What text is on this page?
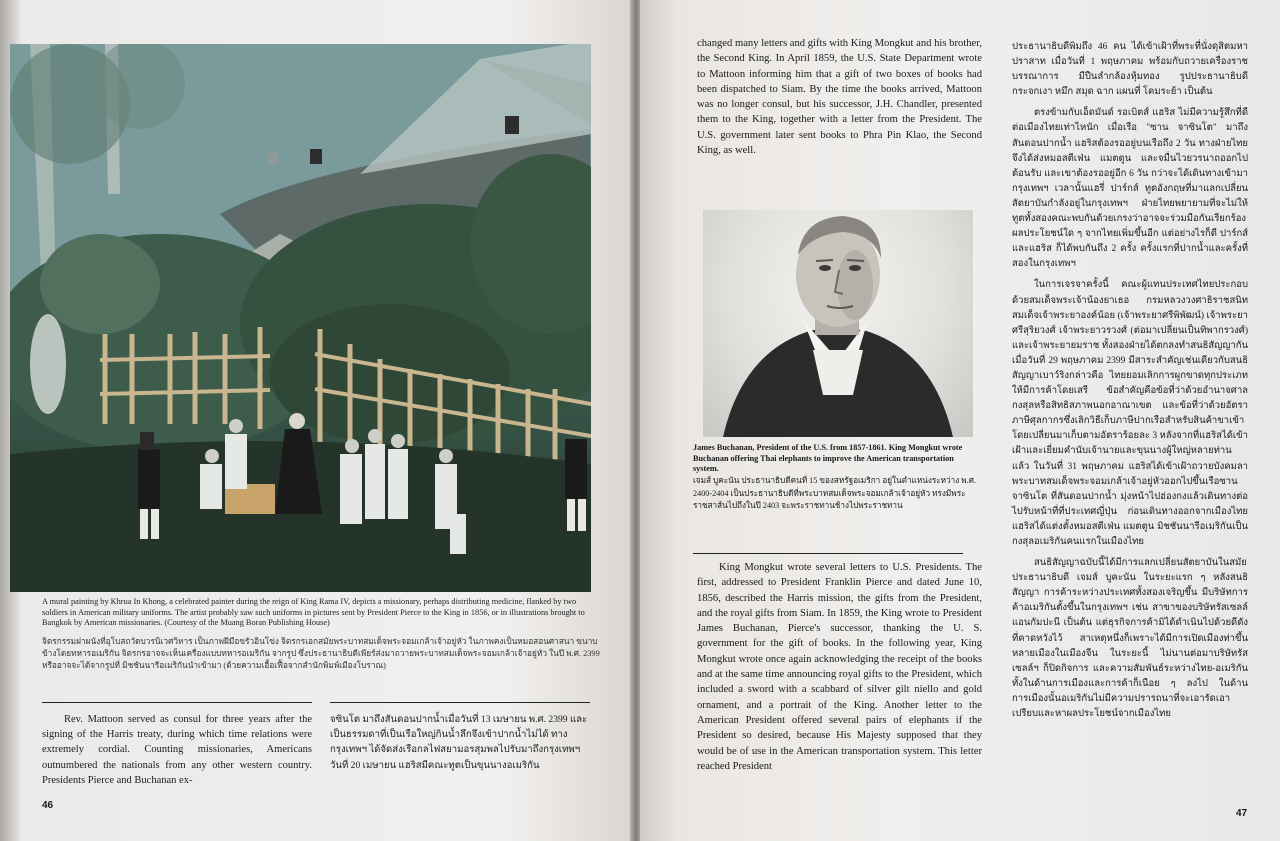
A mural painting by Khrua In Khong, a celebrated painter during the reign of King Rama IV, depicts a missionary, perhaps distributing medicine, flanked by two soldiers in American military uniforms. The artist probably saw such uniforms in pictures sent by President Pierce to the King in 1856, or in illustrations brought to Bangkok by American missionaries. (Courtesy of the Muang Boran Publishing House)
จิตรกรรมฝาผนังที่อุโบสถวัดบวรนิเวศวิหาร เป็นภาพฝีมือขรัวอินโข่ง จิตรกรเอกสมัยพระบาทสมเด็จพระจอมเกล้าเจ้าอยู่หัว ในภาพคงเป็นหมอสอนศาสนา ขนาบข้างโดยทหารอเมริกัน จิตรกรอาจจะเห็นเครื่องแบบทหารอเมริกัน จากรูป ซึ่งประธานาธิบดีเพียร์ส่งมาถวายพระบาทสมเด็จพระจอมเกล้าเจ้าอยู่หัว ในปี พ.ศ. 2399 หรืออาจจะได้จากรูปที่ มิชชันนารีอเมริกันนำเข้ามา (ด้วยความเอื้อเฟื้อจากสำนักพิมพ์เมืองโบราณ)
Rev. Mattoon served as consul for three years after the signing of the Harris treaty, during which time relations were extremely cordial. Counting missionaries, Americans outnumbered the nationals from any other western country. Presidents Pierce and Buchanan ex-
จซินโต มาถึงสันดอนปากน้ำเมื่อวันที่ 13 เมษายน พ.ศ. 2399 และเป็นธรรมดาที่เป็นเรือใหญ่กินน้ำลึกจึงเข้าปากน้ำไม่ได้ ทางกรุงเทพฯ ได้จัดส่งเรือกลไฟสยามอรสุมพลไปรับมาถึงกรุงเทพฯ วันที่ 20 เมษายน แฮริสมีคณะทูตเป็นขุนนางอเมริกัน
46
changed many letters and gifts with King Mongkut and his brother, the Second King. In April 1859, the U.S. State Department wrote to Mattoon informing him that a gift of two boxes of books had been dispatched to Siam. By the time the books arrived, Mattoon was no longer consul, but his successor, J.H. Chandler, presented them to the King, together with a letter from the President. The U.S. government later sent books to Phra Pin Klao, the Second King, as well.
James Buchanan, President of the U.S. from 1857-1861. King Mongkut wrote Buchanan offering Thai elephants to improve the American transportation system.
เจมส์ บูคะนัน ประธานาธิบดีคนที่ 15 ของสหรัฐอเมริกา อยู่ในตำแหน่งระหว่าง พ.ศ. 2400-2404 เป็นประธานาธิบดีที่พระบาทสมเด็จพระจอมเกล้าเจ้าอยู่หัว ทรงมีพระราชสาส์นไปถึงในปี 2403 จะพระราชทานช้างไปพระราชทาน
King Mongkut wrote several letters to U.S. Presidents. The first, addressed to President Franklin Pierce and dated June 10, 1856, described the Harris mission, the gifts from the President, and the royal gifts from Siam. In 1859, the King wrote to President James Buchanan, Pierce's successor, thanking the U. S. government for the gift of books. In the following year, King Mongkut wrote once again acknowledging the receipt of the books and at the same time announcing royal gifts to the President, which included a sword with a scabbard of silver gilt niello and gold ornament, and a portrait of the King. Another letter to the American President offered several pairs of elephants if the President so desired, because His Majesty supposed that they would be of use in the American transportation system. This letter reached President

ประธานาธิบดีพิมถึง 46 คน ได้เข้าเฝ้าที่พระที่นั่งดุสิตมหาปราสาท เมื่อวันที่ 1 พฤษภาคม พร้อมกับถวายเครื่องราชบรรณาการ มีปืนลำกล้องหุ้มทอง รูปประธานาธิบดี กระจกเงา หมึก สมุด ฉาก แผนที่ โคมระย้า เป็นต้น

ตรงข้ามกับเอ็ดมันด์ รอเบิตส์ แฮริส ไม่มีความรู้สึกที่ดีต่อเมืองไทยเท่าไหนัก เมื่อเรือ "ซาน จาซินโต" มาถึงสันดอนปากน้ำ แฮริสต้องรออยู่บนเรือถึง 2 วัน ทางฝ่ายไทยจึงได้ส่งหมอสตีเฟ่น แมตตูน และจมื่นไวยวรนาถออกไปต้อนรับ และเขาต้องรออยู่อีก 6 วัน กว่าจะได้เดินทางเข้ามากรุงเทพฯ เวลานั้นแฮรี่ ปาร์กส์ ทูตอังกฤษที่มาแลกเปลี่ยนสัตยาบันกำลังอยู่ในกรุงเทพฯ ฝ่ายไทยพยายามที่จะไม่ให้ทูตทั้งสองคณะพบกันด้วยเกรงว่าอาจจะร่วมมือกันเรียกร้องผลประโยชน์ใด ๆ จากไทยเพิ่มขึ้นอีก แต่อย่างไรก็ดี ปาร์กส์ และแฮริส ก็ได้พบกันถึง 2 ครั้ง ครั้งแรกที่ปากน้ำและครั้งที่สองในกรุงเทพฯ

ในการเจรจาครั้งนี้ คณะผู้แทนประเทศไทยประกอบด้วยสมเด็จพระเจ้าน้องยาเธอ กรมหลวงวงศาธิราชสนิท สมเด็จเจ้าพระยาองค์น้อย (เจ้าพระยาศรีพิพัฒน์) เจ้าพระยาศรีสุริยวงศ์ เจ้าพระยาวรวงศ์ (ต่อมาเปลี่ยนเป็นทิพากรวงศ์) และเจ้าพระยายมราช ทั้งสองฝ่ายได้ตกลงทำสนธิสัญญากันเมื่อวันที่ 29 พฤษภาคม 2399 มีสาระสำคัญเช่นเดียวกับสนธิสัญญาเบาว์ริงกล่าวคือ ไทยยอมเลิกการผูกขาดทุกประเภทให้มีการค้าโดยเสรี ข้อสำคัญคือข้อที่ว่าด้วยอำนาจศาลกงสุลหรือสิทธิสภาพนอกอาณาเขต และข้อที่ว่าด้วยอัตราภาษีศุลกากรซึ่งเลิกวิธีเก็บภาษีปากเรือสำหรับสินค้าขาเข้า โดยเปลี่ยนมาเก็บตามอัตราร้อยละ 3 หลังจากที่แฮริสได้เข้าเฝ้าและเยี่ยมคำนับเจ้านายและขุนนางผู้ใหญ่หลายท่านแล้ว ในวันที่ 31 พฤษภาคม แฮริสได้เข้าเฝ้าถวายบังคมลาพระบาทสมเด็จพระจอมเกล้าเจ้าอยู่หัวออกไปขึ้นเรือซาน จาซินโต ที่สันดอนปากน้ำ มุ่งหน้าไปฮ่องกงแล้วเดินทางต่อไปรับหน้าที่ที่ประเทศญี่ปุ่น ก่อนเดินทางออกจากเมืองไทย แฮริสได้แต่งตั้งหมอสตีเฟ่น แมตตูน มิชชันนารีอเมริกันเป็นกงสุลอเมริกันคนแรกในเมืองไทย

สนธิสัญญาฉบับนี้ได้มีการแลกเปลี่ยนสัตยาบันในสมัยประธานาธิบดี เจมส์ บูคะนัน ในระยะแรก ๆ หลังสนธิสัญญา การค้าระหว่างประเทศทั้งสองเจริญขึ้น มีบริษัทการค้าอเมริกันตั้งขึ้นในกรุงเทพฯ เช่น สาขาของบริษัทรัสเซลล์แอนกัมปะนี เป็นต้น แต่ธุรกิจการค้ามิได้ดำเนินไปด้วยดีดังที่คาดหวังไว้ สาเหตุหนึ่งก็เพราะได้มีการเปิดเมืองท่าขึ้นหลายเมืองในเมืองจีน ในระยะนี้ ไม่นานต่อมาบริษัทรัสเซลล์ฯ ก็ปิดกิจการ และความสัมพันธ์ระหว่างไทย-อเมริกันทั้งในด้านการเมืองและการค้าก็เนือย ๆ ลงไป ในด้านการเมืองนั้นอเมริกันไม่มีความปรารถนาที่จะเอารัดเอาเปรียบและหาผลประโยชน์จากเมืองไทย

47
